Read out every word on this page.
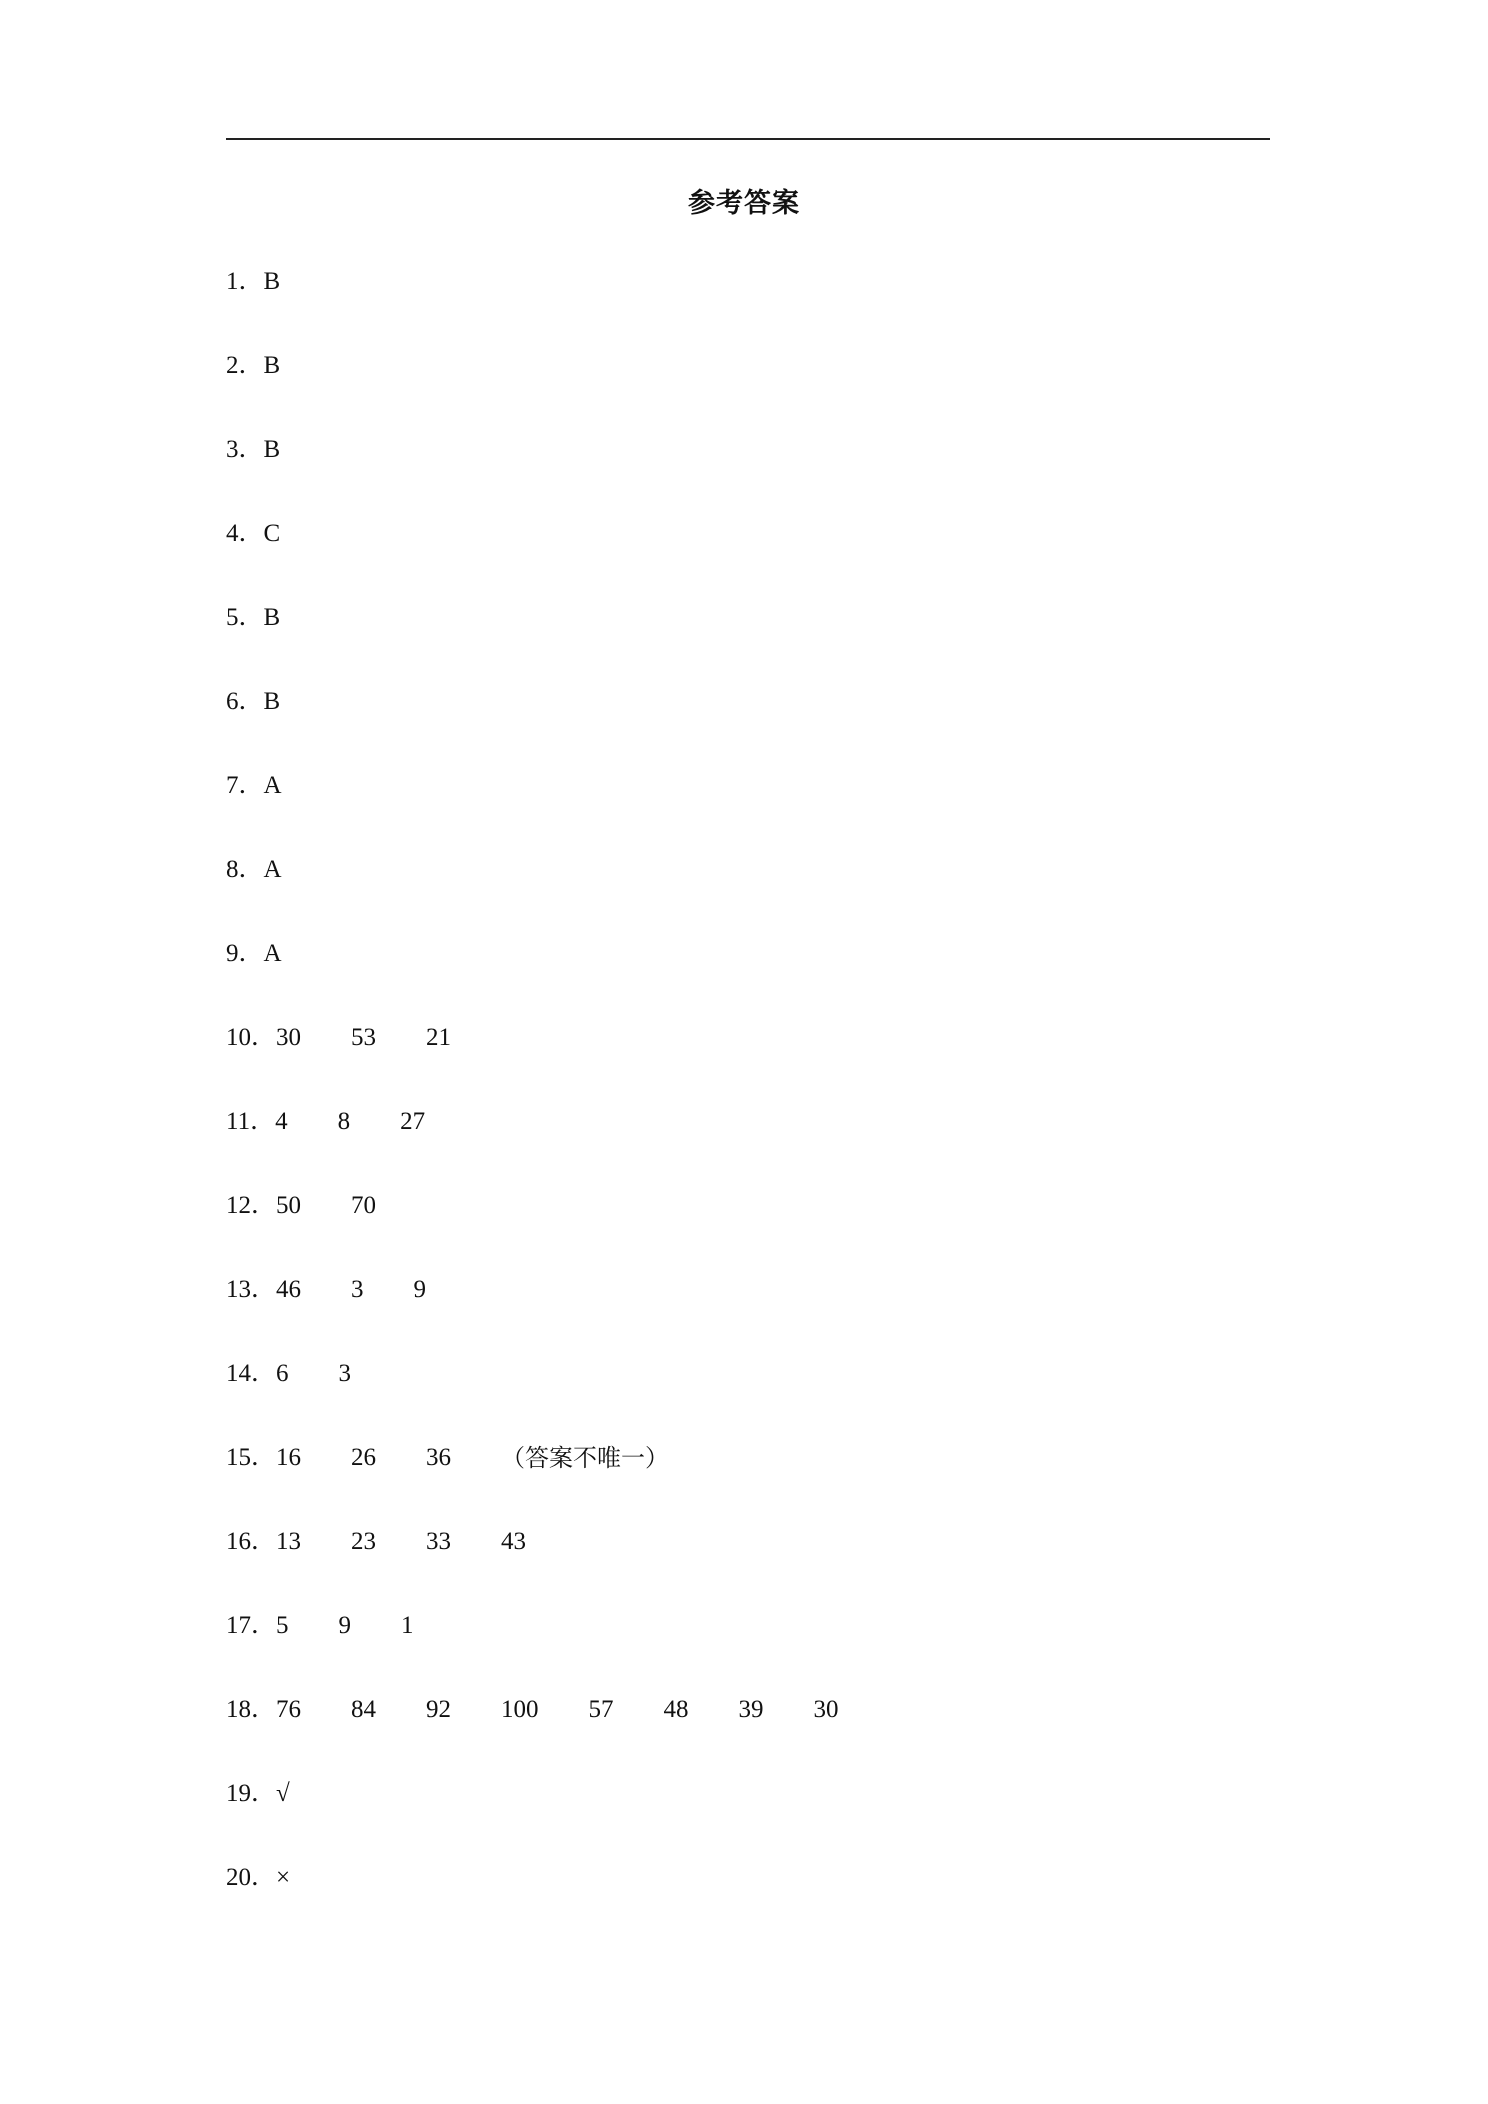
参考答案
1． B
2． B
3． B
4． C
5． B
6． B
7． A
8． A
9． A
10． 30 53 21
11． 4 8 27
12． 50 70
13． 46 3 9
14． 6 3
15． 16 26 36 （答案不唯一）
16． 13 23 33 43
17． 5 9 1
18． 76 84 92 100 57 48 39 30
19． √
20． ×
